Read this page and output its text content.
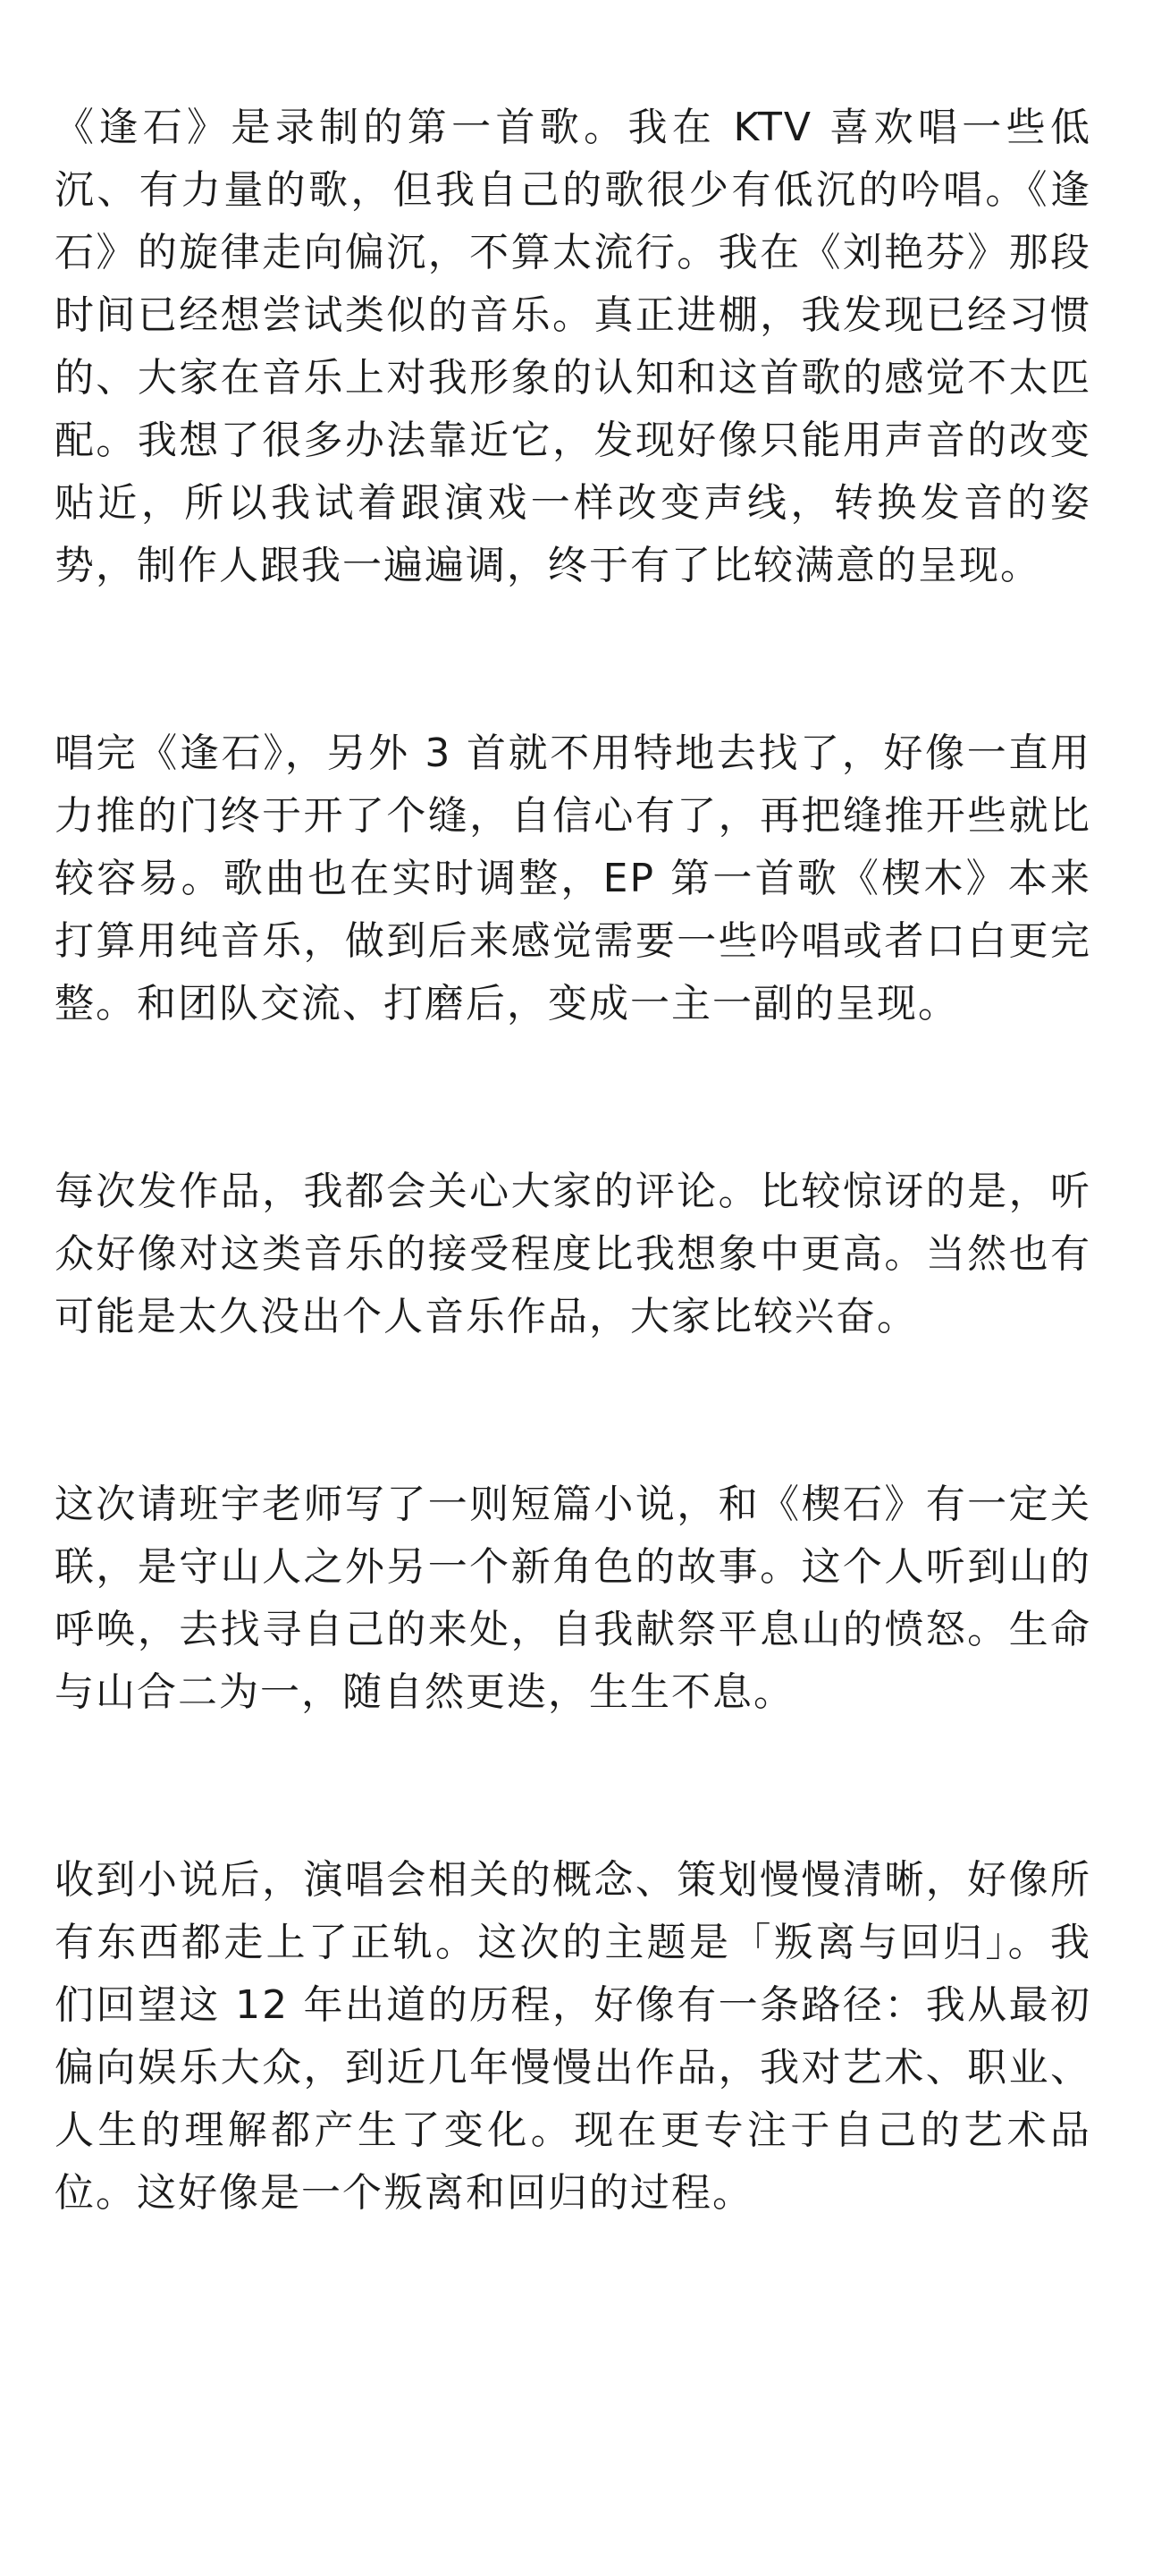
《逢石》是录制的第一首歌。我在 KTV 喜欢唱一些低沉、有力量的歌，但我自己的歌很少有低沉的吟唱。《逢石》的旋律走向偏沉，不算太流行。我在《刘艳芬》那段时间已经想尝试类似的音乐。真正进棚，我发现已经习惯的、大家在音乐上对我形象的认知和这首歌的感觉不太匹配。我想了很多办法靠近它，发现好像只能用声音的改变贴近，所以我试着跟演戏一样改变声线，转换发音的姿势，制作人跟我一遍遍调，终于有了比较满意的呈现。

唱完《逢石》，另外 3 首就不用特地去找了，好像一直用力推的门终于开了个缝，自信心有了，再把缝推开些就比较容易。歌曲也在实时调整，EP 第一首歌《楔木》本来打算用纯音乐，做到后来感觉需要一些吟唱或者口白更完整。和团队交流、打磨后，变成一主一副的呈现。

每次发作品，我都会关心大家的评论。比较惊讶的是，听众好像对这类音乐的接受程度比我想象中更高。当然也有可能是太久没出个人音乐作品，大家比较兴奋。

这次请班宇老师写了一则短篇小说，和《楔石》有一定关联，是守山人之外另一个新角色的故事。这个人听到山的呼唤，去找寻自己的来处，自我献祭平息山的愤怒。生命与山合二为一，随自然更迭，生生不息。

收到小说后，演唱会相关的概念、策划慢慢清晰，好像所有东西都走上了正轨。这次的主题是「叛离与回归」。我们回望这 12 年出道的历程，好像有一条路径：我从最初偏向娱乐大众，到近几年慢慢出作品，我对艺术、职业、人生的理解都产生了变化。现在更专注于自己的艺术品位。这好像是一个叛离和回归的过程。
